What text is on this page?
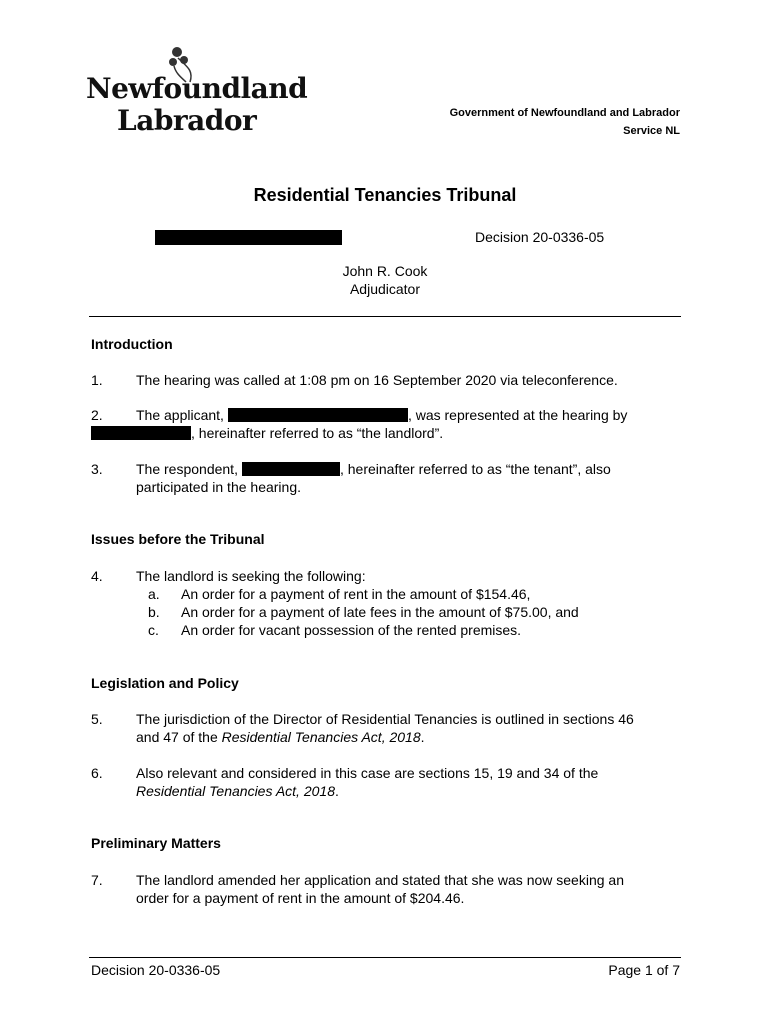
Newfoundland
Labrador	Government of Newfoundland and Labrador
Service NL
Residential Tenancies Tribunal
Decision 20-0336-05
John R. Cook
Adjudicator
Introduction
1. The hearing was called at 1:08 pm on 16 September 2020 via teleconference.
2. The applicant,	, was represented at the hearing by
, hereinafter referred to as “the landlord”.
3. The respondent,	, hereinafter referred to as “the tenant”, also
participated in the hearing.
Issues before the Tribunal
4. The landlord is seeking the following:
a. An order for a payment of rent in the amount of $154.46,
b. An order for a payment of late fees in the amount of $75.00, and
c. An order for vacant possession of the rented premises.
Legislation and Policy
5. The jurisdiction of the Director of Residential Tenancies is outlined in sections 46
and 47 of the Residential Tenancies Act, 2018.
6. Also relevant and considered in this case are sections 15, 19 and 34 of the
Residential Tenancies Act, 2018.
Preliminary Matters
7. The landlord amended her application and stated that she was now seeking an
order for a payment of rent in the amount of $204.46.
Decision 20-0336-05	Page 1 of 7
